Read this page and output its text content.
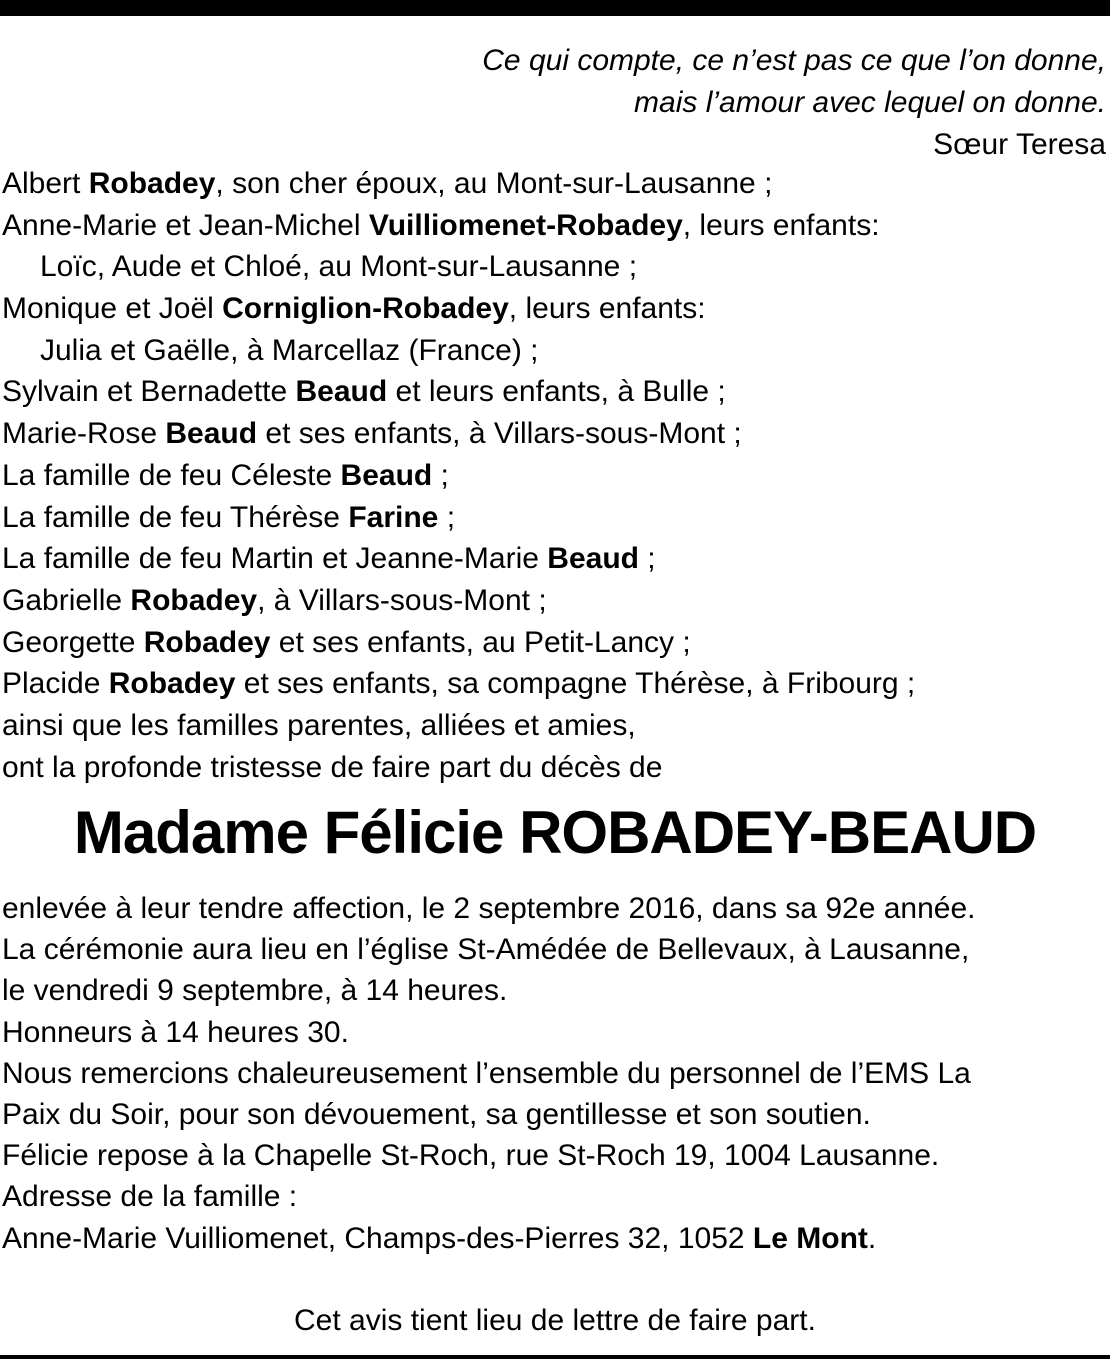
Ce qui compte, ce n’est pas ce que l’on donne,
mais l’amour avec lequel on donne.
Sœur Teresa
Albert Robadey, son cher époux, au Mont-sur-Lausanne ;
Anne-Marie et Jean-Michel Vuilliomenet-Robadey, leurs enfants:
Loïc, Aude et Chloé, au Mont-sur-Lausanne ;
Monique et Joël Corniglion-Robadey, leurs enfants:
Julia et Gaëlle, à Marcellaz (France) ;
Sylvain et Bernadette Beaud et leurs enfants, à Bulle ;
Marie-Rose Beaud et ses enfants, à Villars-sous-Mont ;
La famille de feu Céleste Beaud ;
La famille de feu Thérèse Farine ;
La famille de feu Martin et Jeanne-Marie Beaud ;
Gabrielle Robadey, à Villars-sous-Mont ;
Georgette Robadey et ses enfants, au Petit-Lancy ;
Placide Robadey et ses enfants, sa compagne Thérèse, à Fribourg ;
ainsi que les familles parentes, alliées et amies,
ont la profonde tristesse de faire part du décès de
Madame Félicie ROBADEY-BEAUD
enlevée à leur tendre affection, le 2 septembre 2016, dans sa 92e année.
La cérémonie aura lieu en l’église St-Amédée de Bellevaux, à Lausanne,
le vendredi 9 septembre, à 14 heures.
Honneurs à 14 heures 30.
Nous remercions chaleureusement l’ensemble du personnel de l’EMS La
Paix du Soir, pour son dévouement, sa gentillesse et son soutien.
Félicie repose à la Chapelle St-Roch, rue St-Roch 19, 1004 Lausanne.
Adresse de la famille :
Anne-Marie Vuilliomenet, Champs-des-Pierres 32, 1052 Le Mont.
Cet avis tient lieu de lettre de faire part.
